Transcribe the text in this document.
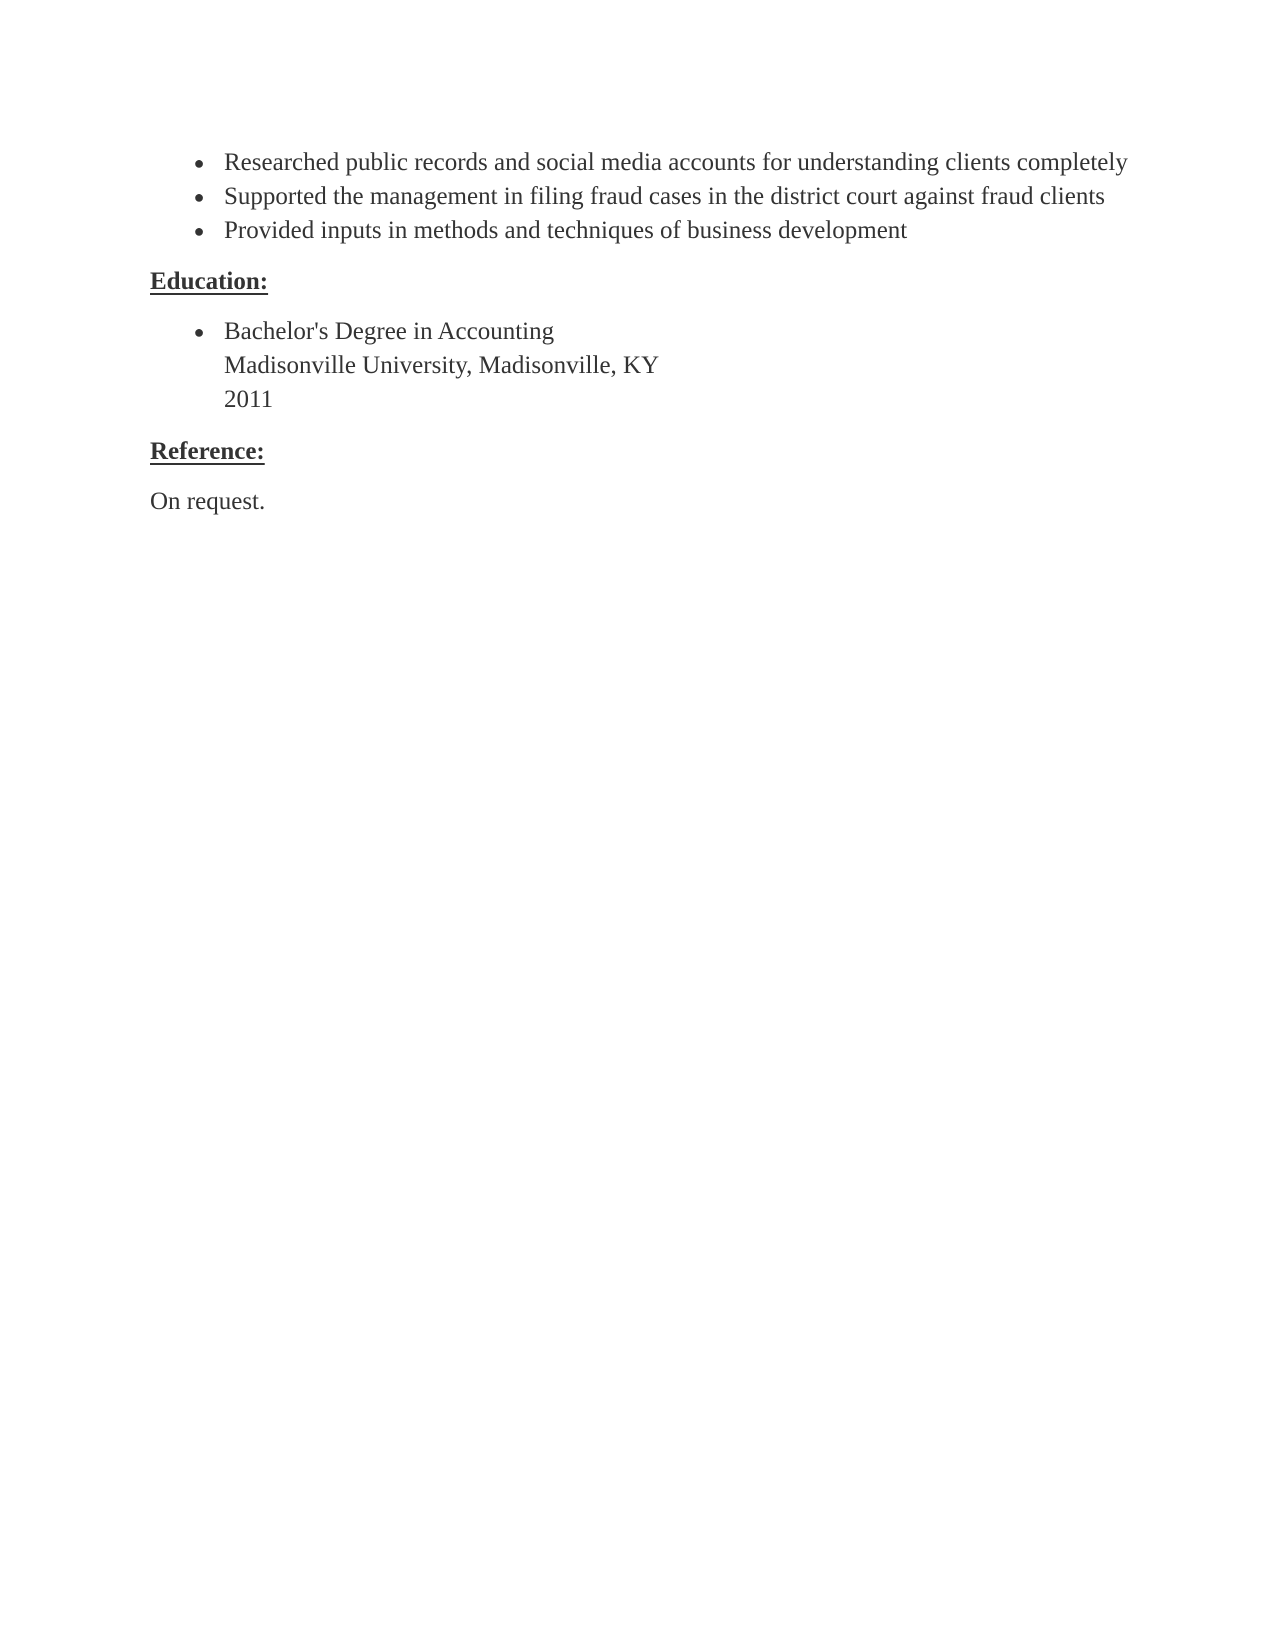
● Researched public records and social media accounts for understanding clients completely
● Supported the management in filing fraud cases in the district court against fraud clients
● Provided inputs in methods and techniques of business development
Education:
● Bachelor's Degree in Accounting
Madisonville University, Madisonville, KY
2011
Reference:

On request.
